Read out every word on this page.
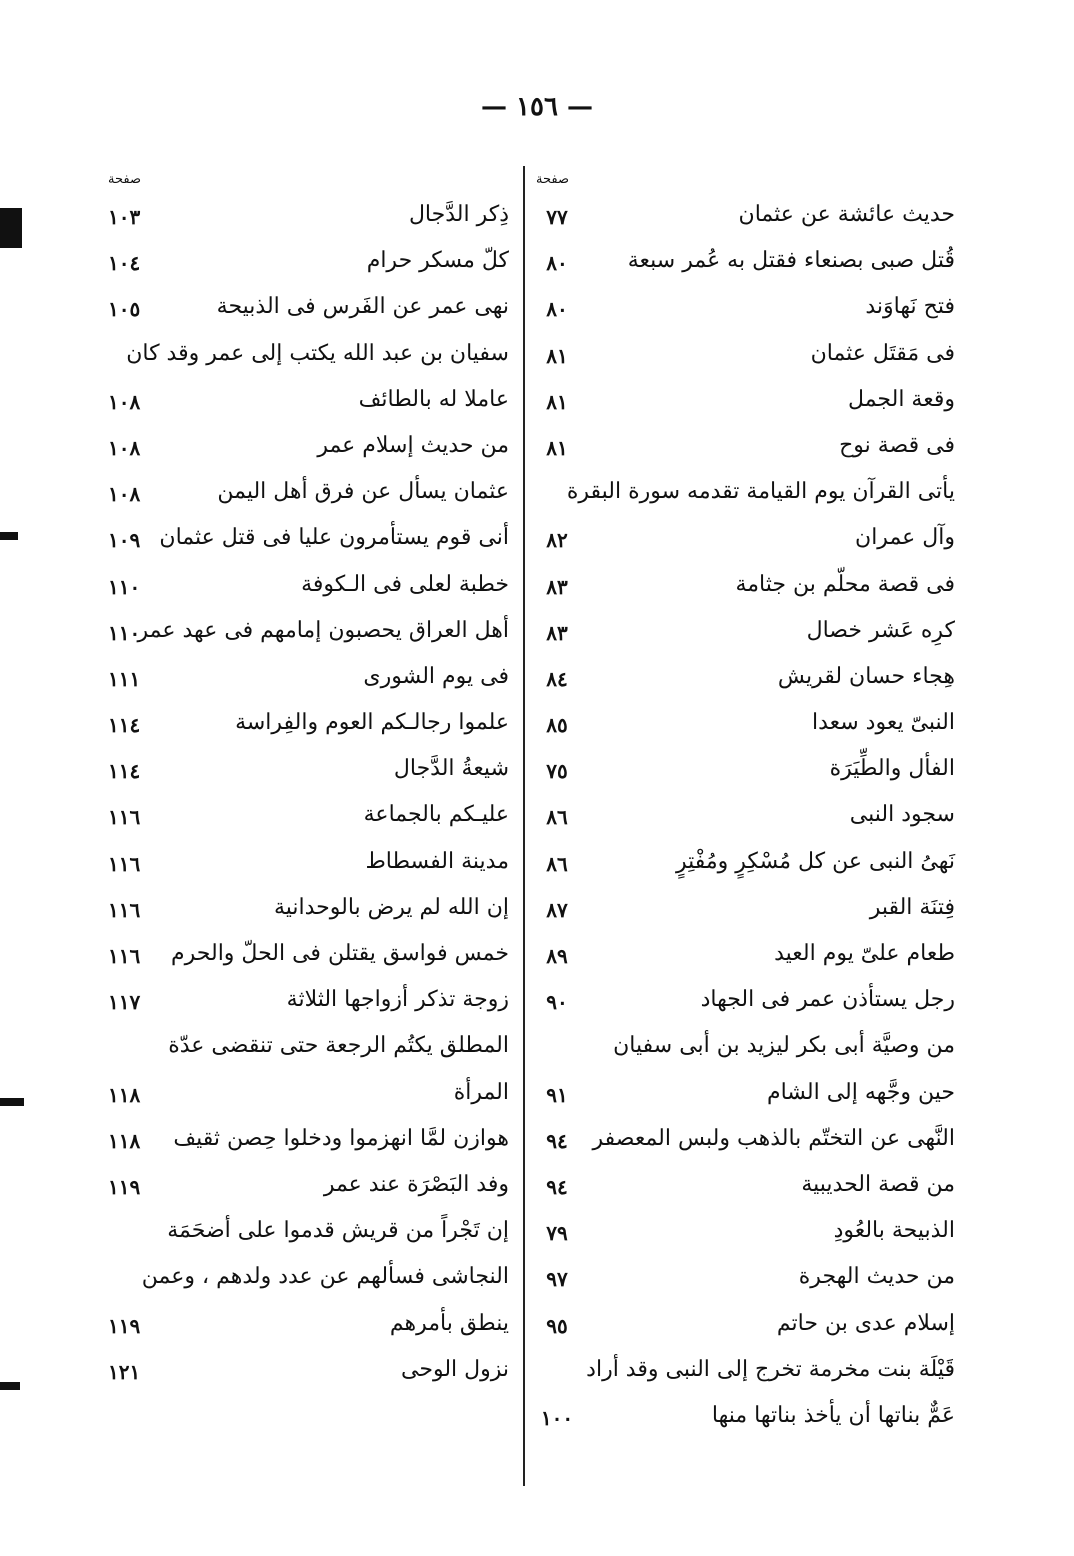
— ١٥٦ —
صفحة
صفحة
حديث عائشة عن عثمان
٧٧
قُتل صبى بصنعاء فقتل به عُمر سبعة
٨٠
فتح نَهاوَند
٨٠
فى مَقتَل عثمان
٨١
وقعة الجمل
٨١
فى قصة نوح
٨١
يأتى القرآن يوم القيامة تقدمه سورة البقرة
وآل عمران
٨٢
فى قصة محلّم بن جثامة
٨٣
كرِه عَشر خصال
٨٣
هِجاء حسان لقريش
٨٤
النبىّ يعود سعدا
٨٥
الفأل والطِّيَرَة
٧٥
سجود النبى
٨٦
نَهىُ النبى عن كل مُسْكِرٍ ومُفْتِرٍ
٨٦
فِتنَة القبر
٨٧
طعام علىّ يوم العيد
٨٩
رجل يستأذن عمر فى الجهاد
٩٠
من وصيَّة أبى بكر ليزيد بن أبى سفيان
حين وجَّهه إلى الشام
٩١
النَّهى عن التختّم بالذهب ولبس المعصفر
٩٤
من قصة الحديبية
٩٤
الذبيحة بالعُودِ
٧٩
من حديث الهجرة
٩٧
إسلام عدى بن حاتم
٩٥
قَيْلَة بنت مخرمة تخرج إلى النبى وقد أراد
عَمٌّ بناتها أن يأخذ بناتها منها
١٠٠
ذِكر الدَّجال
١٠٣
كلّ مسكر حرام
١٠٤
نهى عمر عن الفَرس فى الذبيحة
١٠٥
سفيان بن عبد الله يكتب إلى عمر وقد كان
عاملا له بالطائف
١٠٨
من حديث إسلام عمر
١٠٨
عثمان يسأل عن فرق أهل اليمن
١٠٨
أنى قوم يستأمرون عليا فى قتل عثمان
١٠٩
خطبة لعلى فى الـكوفة
١١٠
أهل العراق يحصبون إمامهم فى عهد عمر
١١٠
فى يوم الشورى
١١١
علموا رجالـكم العوم والفِراسة
١١٤
شيعةُ الدَّجال
١١٤
عليـكم بالجماعة
١١٦
مدينة الفسطاط
١١٦
إن الله لم يرض بالوحدانية
١١٦
خمس فواسق يقتلن فى الحلّ والحرم
١١٦
زوجة تذكر أزواجها الثلاثة
١١٧
المطلق يكتُم الرجعة حتى تنقضى عدّة
المرأة
١١٨
هوازن لمَّا انهزموا ودخلوا حِصن ثقيف
١١٨
وفد البَصْرَة عند عمر
١١٩
إن تَجْراً من قريش قدموا على أضحَمَة
النجاشى فسألهم عن عدد ولدهم ، وعمن
ينطق بأمرهم
١١٩
نزول الوحى
١٢١
